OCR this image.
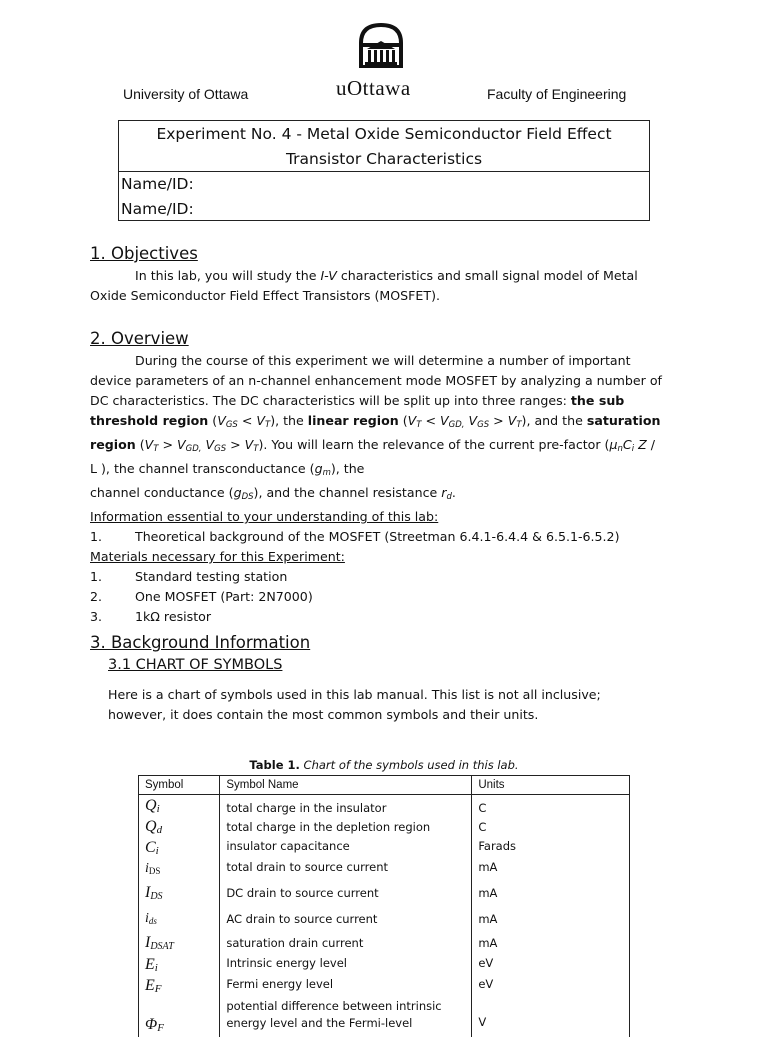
University of Ottawa	uOttawa	Faculty of Engineering
Experiment No. 4 - Metal Oxide Semiconductor Field Effect
Transistor Characteristics
Name/ID:
Name/ID:
1. Objectives
In this lab, you will study the I-V characteristics and small signal model of Metal
Oxide Semiconductor Field Effect Transistors (MOSFET).
2. Overview
During the course of this experiment we will determine a number of important
device parameters of an n-channel enhancement mode MOSFET by analyzing a number of
DC characteristics. The DC characteristics will be split up into three ranges: the sub
threshold region $(V_{GS} < V_T)$, the linear region ($V_T < V_{GD,}$ $V_{GS} > V_T$), and the saturation
region ($V_T > V_{GD,}$ $V_{GS} > V_T$). You will learn the relevance of the current pre-factor ($\mu_nC_i$ Z /
L ), the channel transconductance $(g_m)$, the
channel conductance $(g_{DS})$, and the channel resistance $r_d$.
Information essential to your understanding of this lab:
1.	Theoretical background of the MOSFET (Streetman 6.4.1-6.4.4 & 6.5.1-6.5.2)
Materials necessary for this Experiment:
1.	Standard testing station
2.	One MOSFET (Part: 2N7000)
3.	1kΩ resistor
3. Background Information
3.1 CHART OF SYMBOLS
Here is a chart of symbols used in this lab manual. This list is not all inclusive;
however, it does contain the most common symbols and their units.
Table 1. Chart of the symbols used in this lab.
Symbol	Symbol Name	Units
$Q_i$	total charge in the insulator	C
$Q_d$	total charge in the depletion region	C
$C_i$	insulator capacitance	Farads
$i_{DS}$	total drain to source current	mA
$I_{DS}$	DC drain to source current	mA
$i_{ds}$	AC drain to source current	mA
$I_{DSAT}$	saturation drain current	mA
$E_i$	Intrinsic energy level	eV
$E_F$	Fermi energy level	eV
$\Phi_F$	potential difference between intrinsic energy level and the Fermi-level	V
